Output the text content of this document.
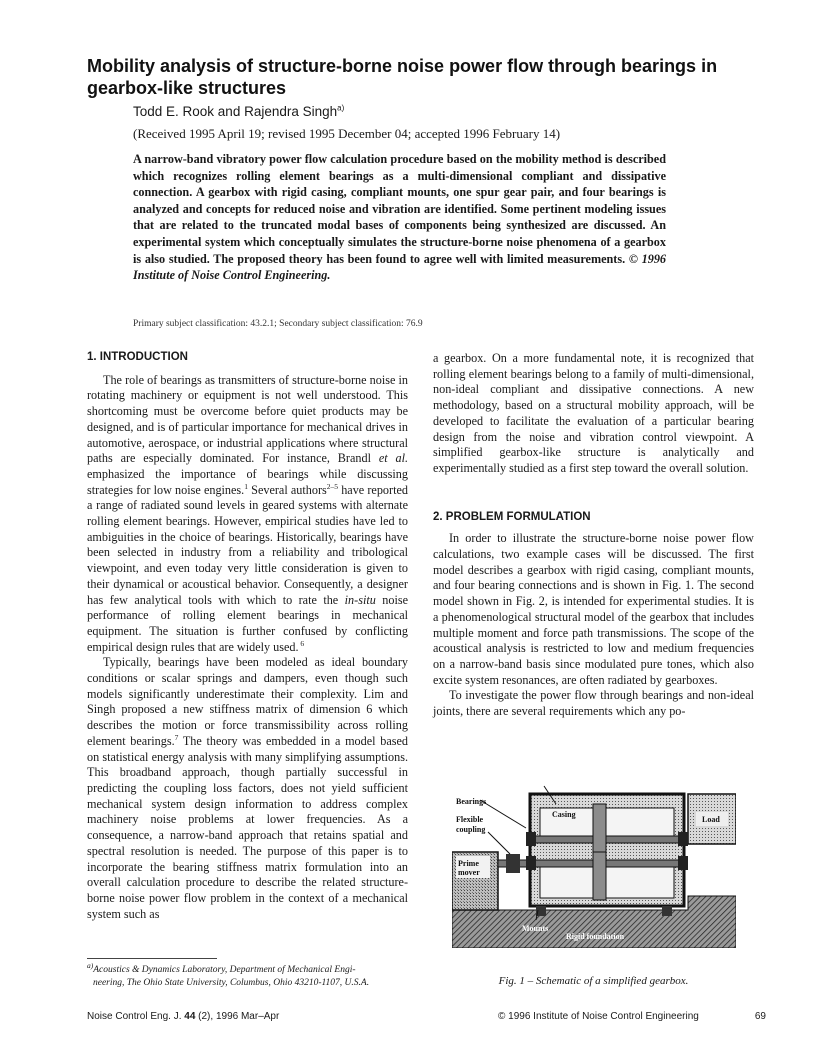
Mobility analysis of structure-borne noise power flow through bearings in gearbox-like structures
Todd E. Rook and Rajendra Singh$^{a)}$
(Received 1995 April 19; revised 1995 December 04; accepted 1996 February 14)
A narrow-band vibratory power flow calculation procedure based on the mobility method is described which recognizes rolling element bearings as a multi-dimensional compliant and dissipative connection. A gearbox with rigid casing, compliant mounts, one spur gear pair, and four bearings is analyzed and concepts for reduced noise and vibration are identified. Some pertinent modeling issues that are related to the truncated modal bases of components being synthesized are discussed. An experimental system which conceptually simulates the structure-borne noise phenomena of a gearbox is also studied. The proposed theory has been found to agree well with limited measurements. © 1996 Institute of Noise Control Engineering.
Primary subject classification: 43.2.1; Secondary subject classification: 76.9
1. INTRODUCTION

The role of bearings as transmitters of structure-borne noise in rotating machinery or equipment is not well understood. This shortcoming must be overcome before quiet products may be designed, and is of particular importance for mechanical drives in automotive, aerospace, or industrial applications where structural paths are especially dominated. For instance, Brandl et al. emphasized the importance of bearings while discussing strategies for low noise engines.$^1$ Several authors$^{2-5}$ have reported a range of radiated sound levels in geared systems with alternate rolling element bearings. However, empirical studies have led to ambiguities in the choice of bearings. Historically, bearings have been selected in industry from a reliability and tribological viewpoint, and even today very little consideration is given to their dynamical or acoustical behavior. Consequently, a designer has few analytical tools with which to rate the in-situ noise performance of rolling element bearings in mechanical equipment. The situation is further confused by conflicting empirical design rules that are widely used. $^6$

Typically, bearings have been modeled as ideal boundary conditions or scalar springs and dampers, even though such models significantly underestimate their complexity. Lim and Singh proposed a new stiffness matrix of dimension 6 which describes the motion or force transmissibility across rolling element bearings.$^7$ The theory was embedded in a model based on statistical energy analysis with many simplifying assumptions. This broadband approach, though partially successful in predicting the coupling loss factors, does not yield sufficient mechanical system design information to address complex machinery noise problems at lower frequencies. As a consequence, a narrow-band approach that retains spatial and spectral resolution is needed. The purpose of this paper is to incorporate the bearing stiffness matrix formulation into an overall calculation procedure to describe the related structure-borne noise power flow problem in the context of a mechanical system such as

a gearbox. On a more fundamental note, it is recognized that rolling element bearings belong to a family of multi-dimensional, non-ideal compliant and dissipative connections. A new methodology, based on a structural mobility approach, will be developed to facilitate the evaluation of a particular bearing design from the noise and vibration control viewpoint. A simplified gearbox-like structure is analytically and experimentally studied as a first step toward the overall solution.

2. PROBLEM FORMULATION

In order to illustrate the structure-borne noise power flow calculations, two example cases will be discussed. The first model describes a gearbox with rigid casing, compliant mounts, and four bearing connections and is shown in Fig. 1. The second model shown in Fig. 2, is intended for experimental studies. It is a phenomenological structural model of the gearbox that includes multiple moment and force path transmissions. The scope of the acoustical analysis is restricted to low and medium frequencies on a narrow-band basis since modulated pure tones, which also excite system resonances, are often radiated by gearboxes.

To investigate the power flow through bearings and non-ideal joints, there are several requirements which any po-

Bearings
Casing
Flexible
coupling
Prime
mover
Load
Mounts
Rigid foundation
Fig. 1 – Schematic of a simplified gearbox.
$^{a)}$Acoustics & Dynamics Laboratory, Department of Mechanical Engi-
neering, The Ohio State University, Columbus, Ohio 43210-1107, U.S.A.
Noise Control Eng. J. 44 (2), 1996 Mar–Apr	© 1996 Institute of Noise Control Engineering	69
